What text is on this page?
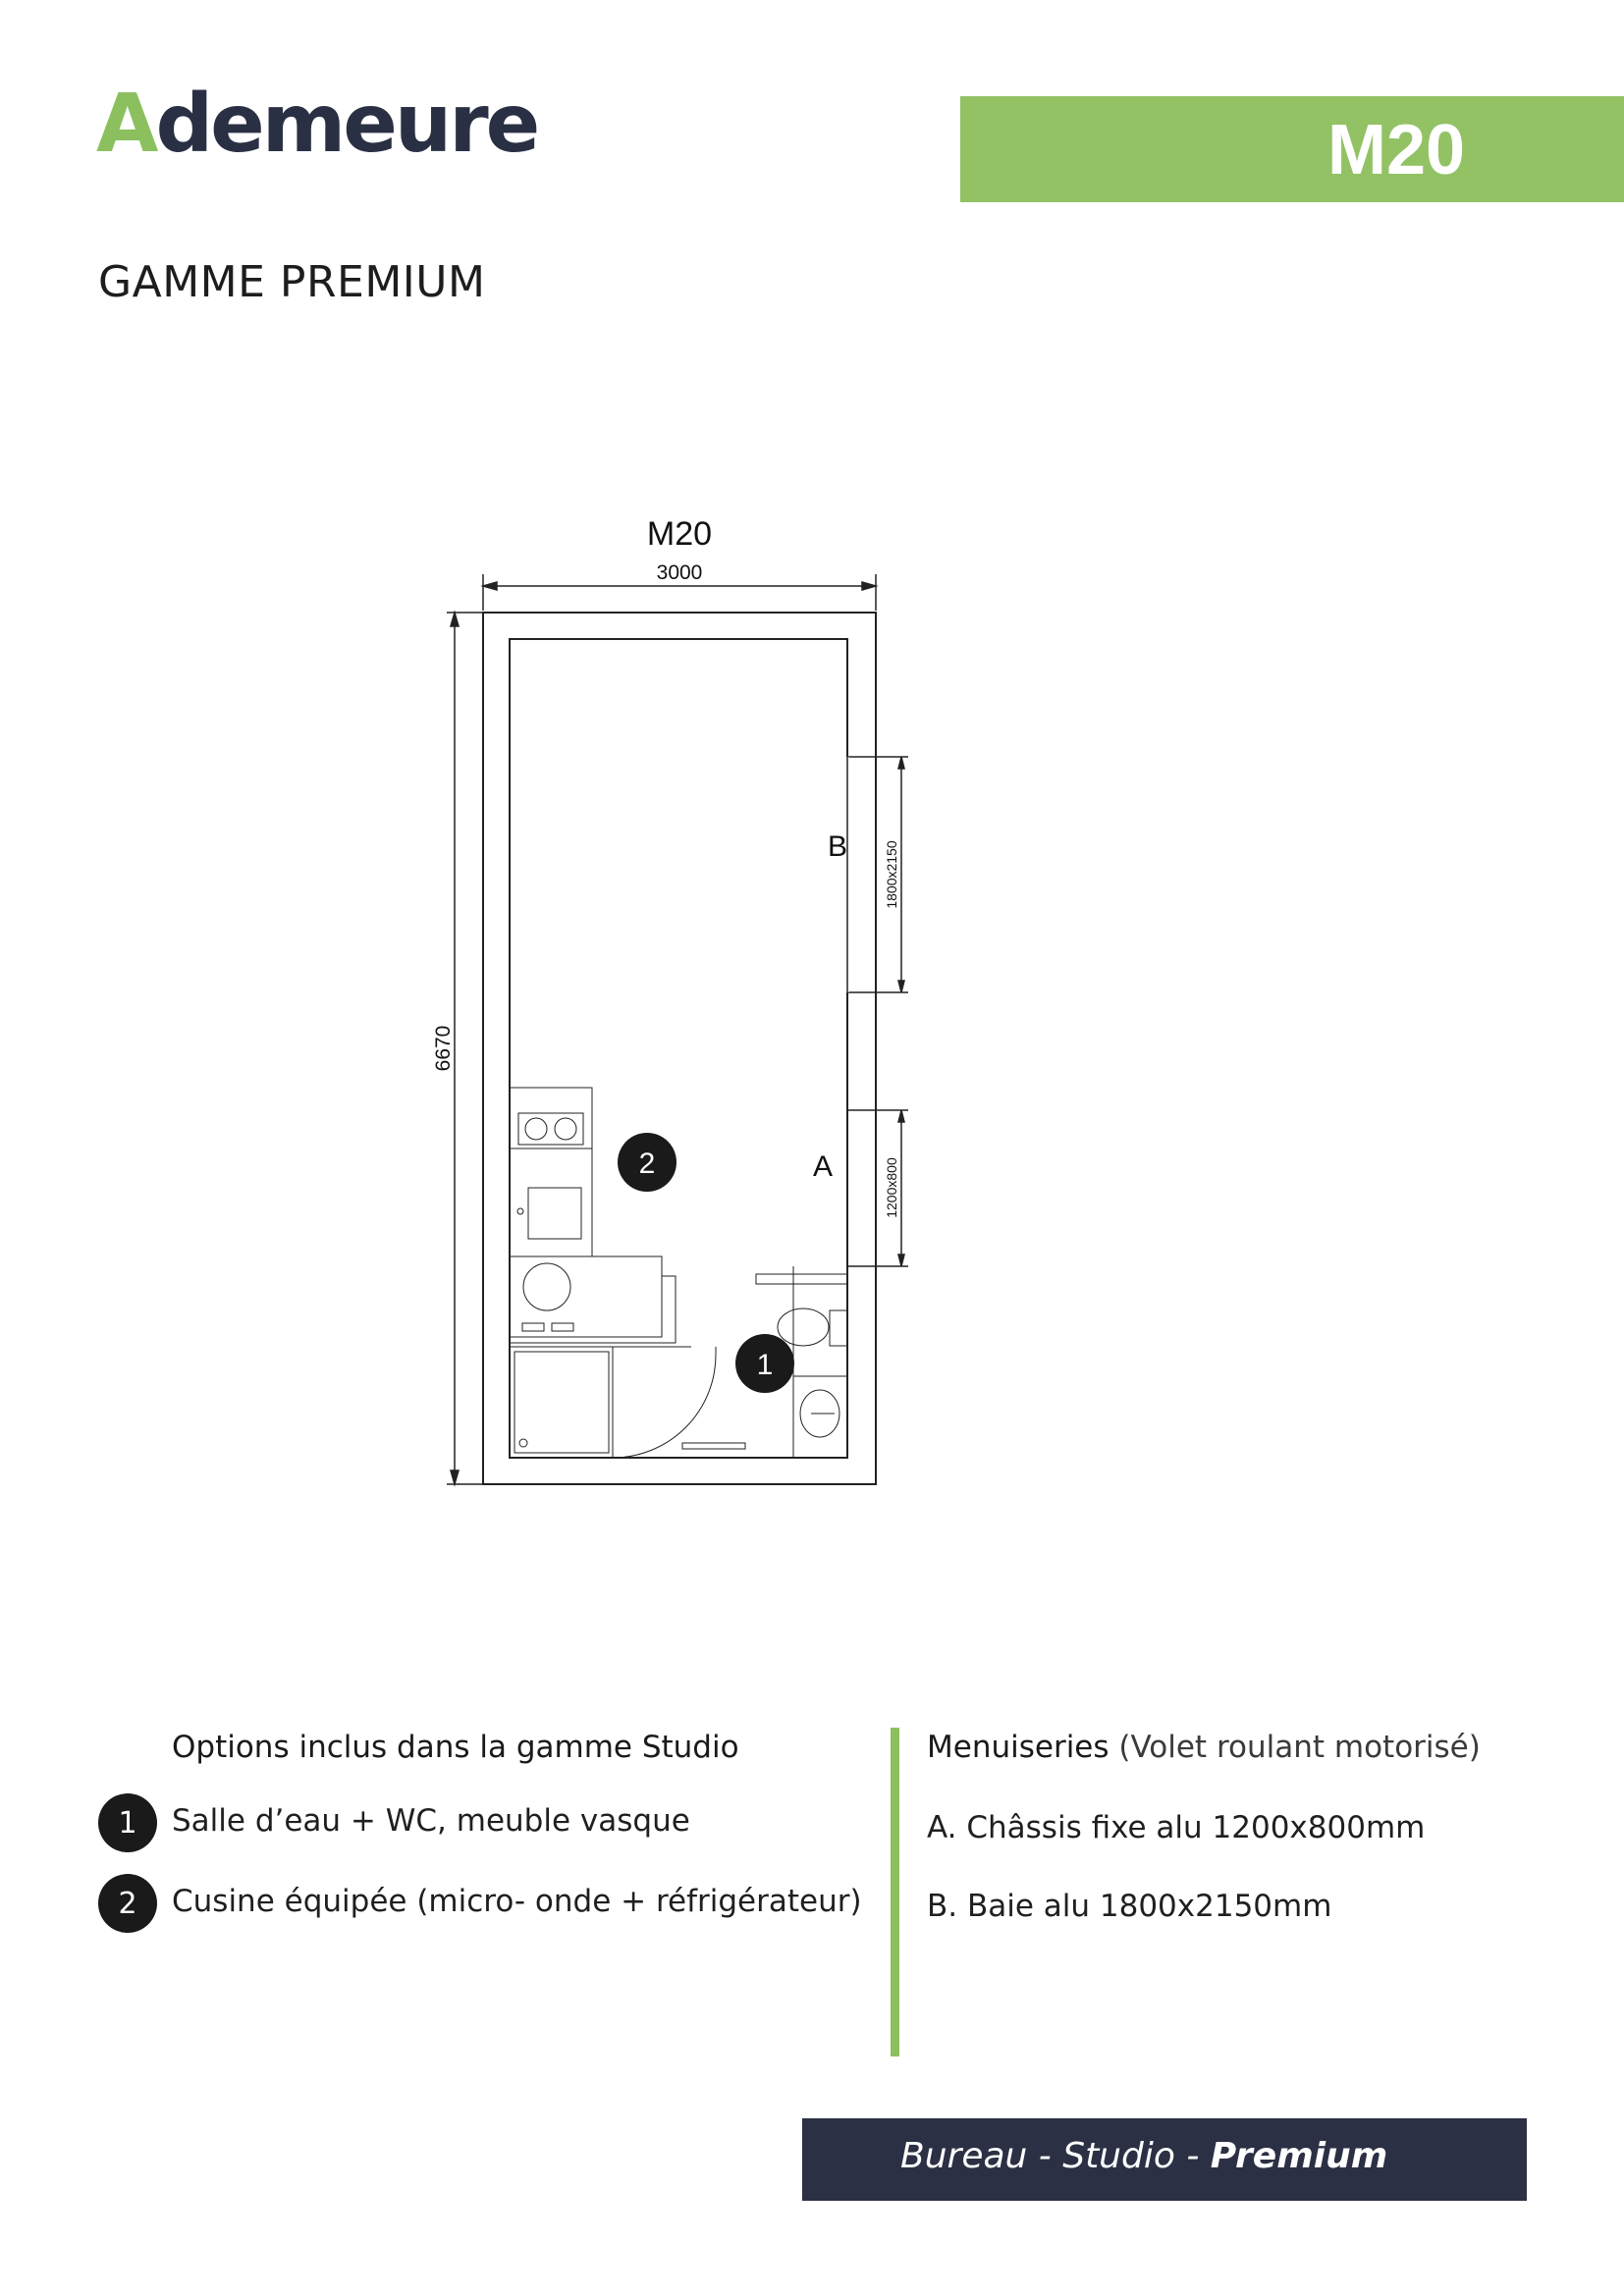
Ademeure	M20
GAMME PREMIUM
M20
3000
6670
1800x2150
1200x800
B
A
2
1
Options inclus dans la gamme Studio
1	Salle d’eau + WC, meuble vasque
2	Cusine équipée (micro- onde + réfrigérateur)
Menuiseries (Volet roulant motorisé)
A. Châssis fixe alu 1200x800mm
B. Baie alu 1800x2150mm
Bureau - Studio - Premium
